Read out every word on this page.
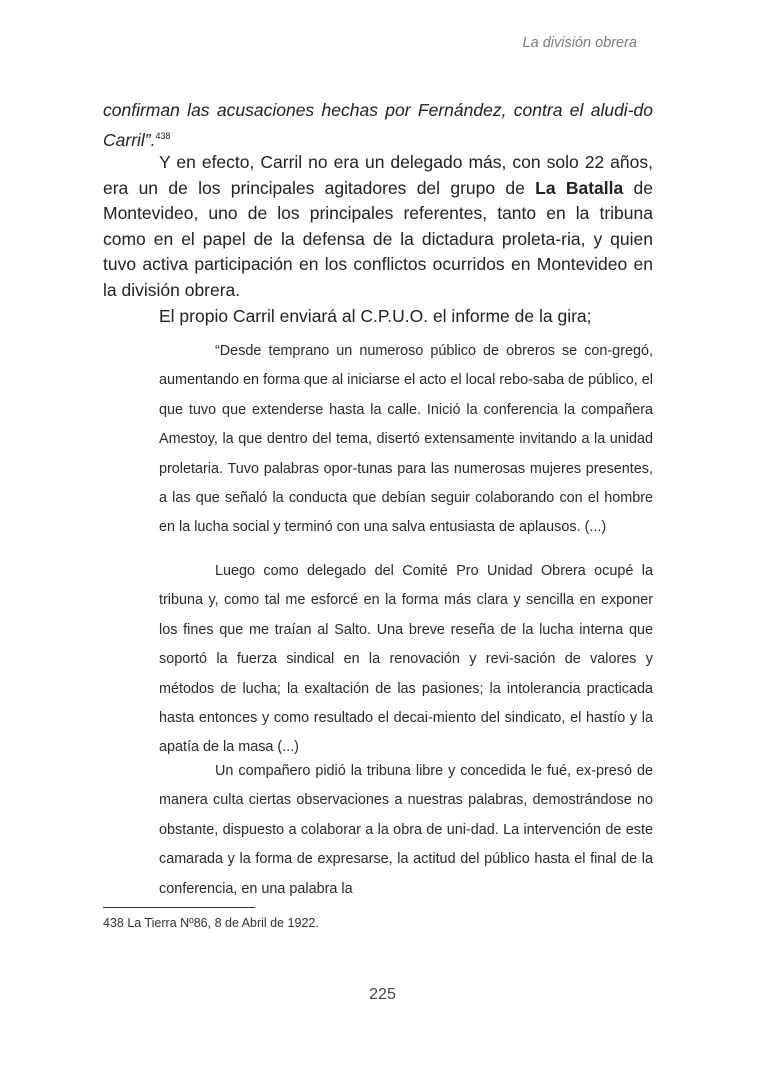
La división obrera
confirman las acusaciones hechas por Fernández, contra el aludi-do Carril”.$^{438}$
Y en efecto, Carril no era un delegado más, con solo 22 años, era un de los principales agitadores del grupo de La Batalla de Montevideo, uno de los principales referentes, tanto en la tribuna como en el papel de la defensa de la dictadura proleta-ria, y quien tuvo activa participación en los conflictos ocurridos en Montevideo en la división obrera.
El propio Carril enviará al C.P.U.O. el informe de la gira;
“Desde temprano un numeroso público de obreros se con-gregó, aumentando en forma que al iniciarse el acto el local rebo-saba de público, el que tuvo que extenderse hasta la calle. Inició la conferencia la compañera Amestoy, la que dentro del tema, disertó extensamente invitando a la unidad proletaria. Tuvo palabras opor-tunas para las numerosas mujeres presentes, a las que señaló la conducta que debían seguir colaborando con el hombre en la lucha social y terminó con una salva entusiasta de aplausos. (...)
Luego como delegado del Comité Pro Unidad Obrera ocupé la tribuna y, como tal me esforcé en la forma más clara y sencilla en exponer los fines que me traían al Salto. Una breve reseña de la lucha interna que soportó la fuerza sindical en la renovación y revi-sación de valores y métodos de lucha; la exaltación de las pasiones; la intolerancia practicada hasta entonces y como resultado el decai-miento del sindicato, el hastío y la apatía de la masa (...)
Un compañero pidió la tribuna libre y concedida le fué, ex-presó de manera culta ciertas observaciones a nuestras palabras, demostrándose no obstante, dispuesto a colaborar a la obra de uni-dad. La intervención de este camarada y la forma de expresarse, la actitud del público hasta el final de la conferencia, en una palabra la
438 La Tierra Nº86, 8 de Abril de 1922.
225
